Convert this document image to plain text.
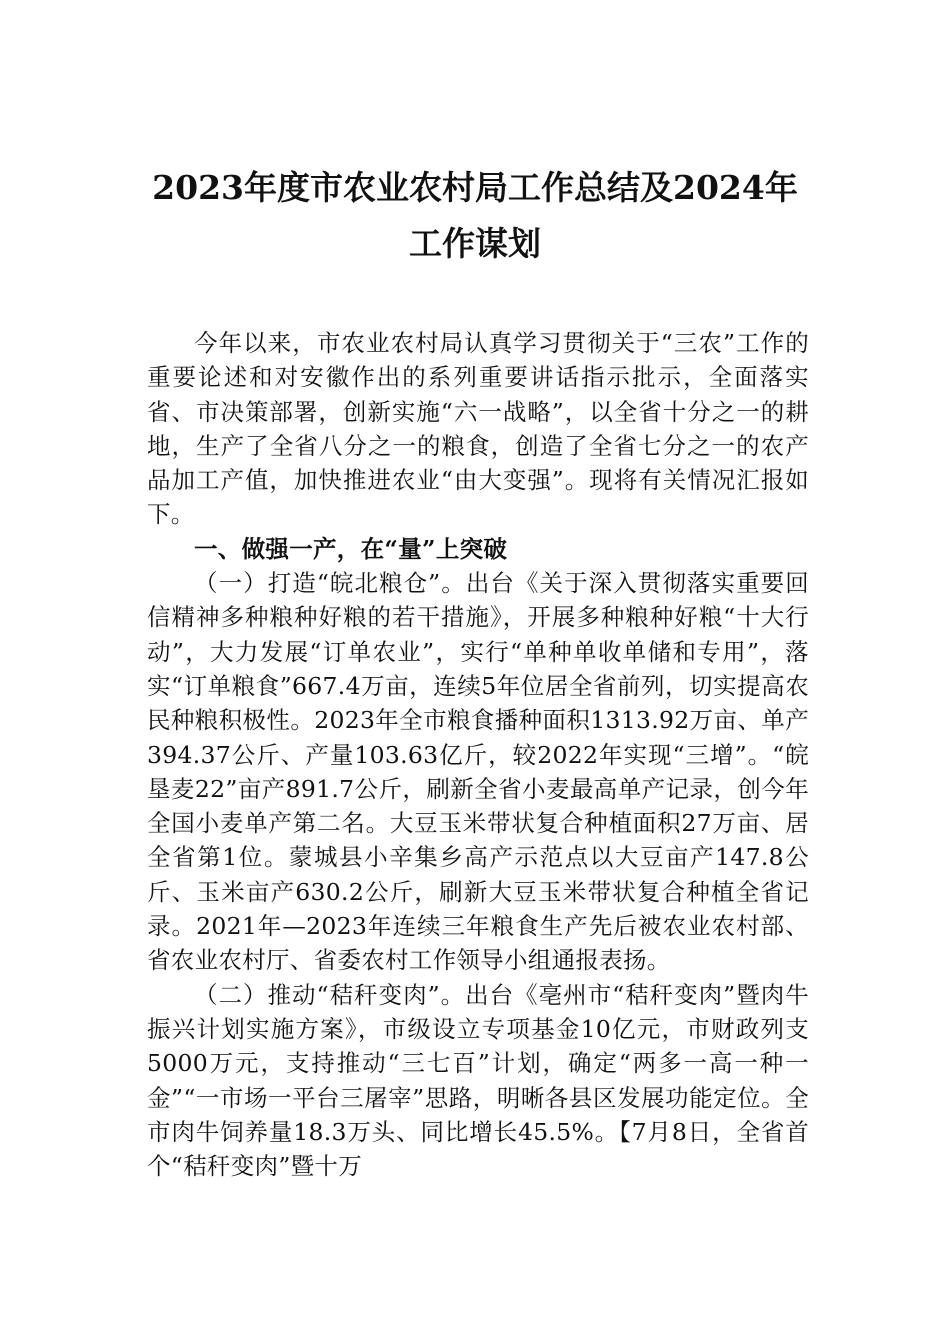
2023年度市农业农村局工作总结及2024年
工作谋划

今年以来，市农业农村局认真学习贯彻关于“三农”工作的重要论述和对安徽作出的系列重要讲话指示批示，全面落实省、市决策部署，创新实施“六一战略”，以全省十分之一的耕地，生产了全省八分之一的粮食，创造了全省七分之一的农产品加工产值，加快推进农业“由大变强”。现将有关情况汇报如下。

一、做强一产，在“量”上突破

（一）打造“皖北粮仓”。出台《关于深入贯彻落实重要回信精神多种粮种好粮的若干措施》，开展多种粮种好粮“十大行动”，大力发展“订单农业”，实行“单种单收单储和专用”，落实“订单粮食”667.4万亩，连续5年位居全省前列，切实提高农民种粮积极性。2023年全市粮食播种面积1313.92万亩、单产394.37公斤、产量103.63亿斤，较2022年实现“三增”。“皖垦麦22”亩产891.7公斤，刷新全省小麦最高单产记录，创今年全国小麦单产第二名。大豆玉米带状复合种植面积27万亩、居全省第1位。蒙城县小辛集乡高产示范点以大豆亩产147.8公斤、玉米亩产630.2公斤，刷新大豆玉米带状复合种植全省记录。2021年—2023年连续三年粮食生产先后被农业农村部、省农业农村厅、省委农村工作领导小组通报表扬。

（二）推动“秸秆变肉”。出台《亳州市“秸秆变肉”暨肉牛振兴计划实施方案》，市级设立专项基金10亿元，市财政列支5000万元，支持推动“三七百”计划，确定“两多一高一种一金”“一市场一平台三屠宰”思路，明晰各县区发展功能定位。全市肉牛饲养量18.3万头、同比增长45.5%。【7月8日，全省首个“秸秆变肉”暨十万
